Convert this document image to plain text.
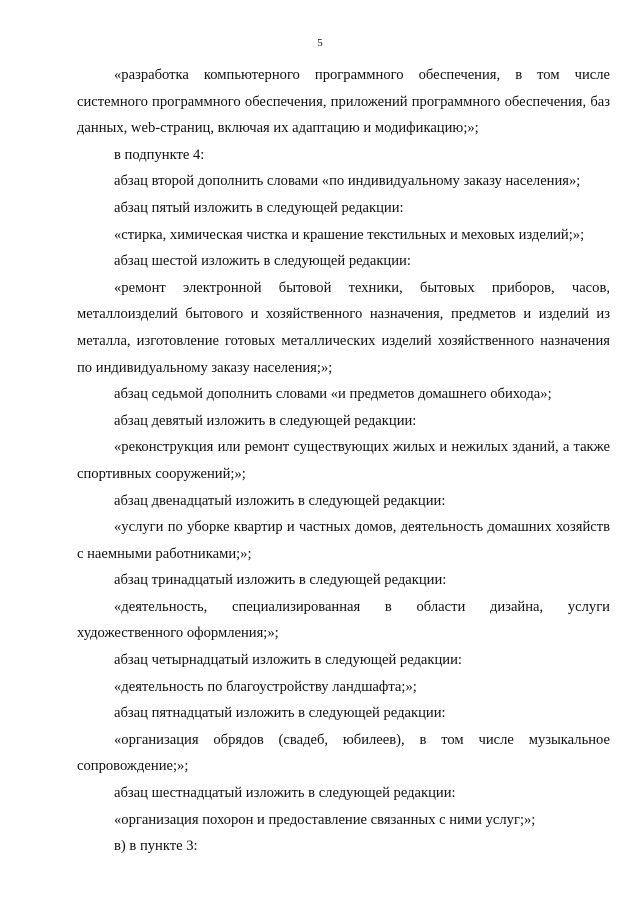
5

«разработка компьютерного программного обеспечения, в том числе системного программного обеспечения, приложений программного обеспечения, баз данных, web-страниц, включая их адаптацию и модификацию;»;

в подпункте 4:

абзац второй дополнить словами «по индивидуальному заказу населения»;

абзац пятый изложить в следующей редакции:

«стирка, химическая чистка и крашение текстильных и меховых изделий;»;

абзац шестой изложить в следующей редакции:

«ремонт электронной бытовой техники, бытовых приборов, часов, металлоизделий бытового и хозяйственного назначения, предметов и изделий из металла, изготовление готовых металлических изделий хозяйственного назначения по индивидуальному заказу населения;»;

абзац седьмой дополнить словами «и предметов домашнего обихода»;

абзац девятый изложить в следующей редакции:

«реконструкция или ремонт существующих жилых и нежилых зданий, а также спортивных сооружений;»;

абзац двенадцатый изложить в следующей редакции:

«услуги по уборке квартир и частных домов, деятельность домашних хозяйств с наемными работниками;»;

абзац тринадцатый изложить в следующей редакции:

«деятельность, специализированная в области дизайна, услуги художественного оформления;»;

абзац четырнадцатый изложить в следующей редакции:

«деятельность по благоустройству ландшафта;»;

абзац пятнадцатый изложить в следующей редакции:

«организация обрядов (свадеб, юбилеев), в том числе музыкальное сопровождение;»;

абзац шестнадцатый изложить в следующей редакции:

«организация похорон и предоставление связанных с ними услуг;»;

в) в пункте 3:
